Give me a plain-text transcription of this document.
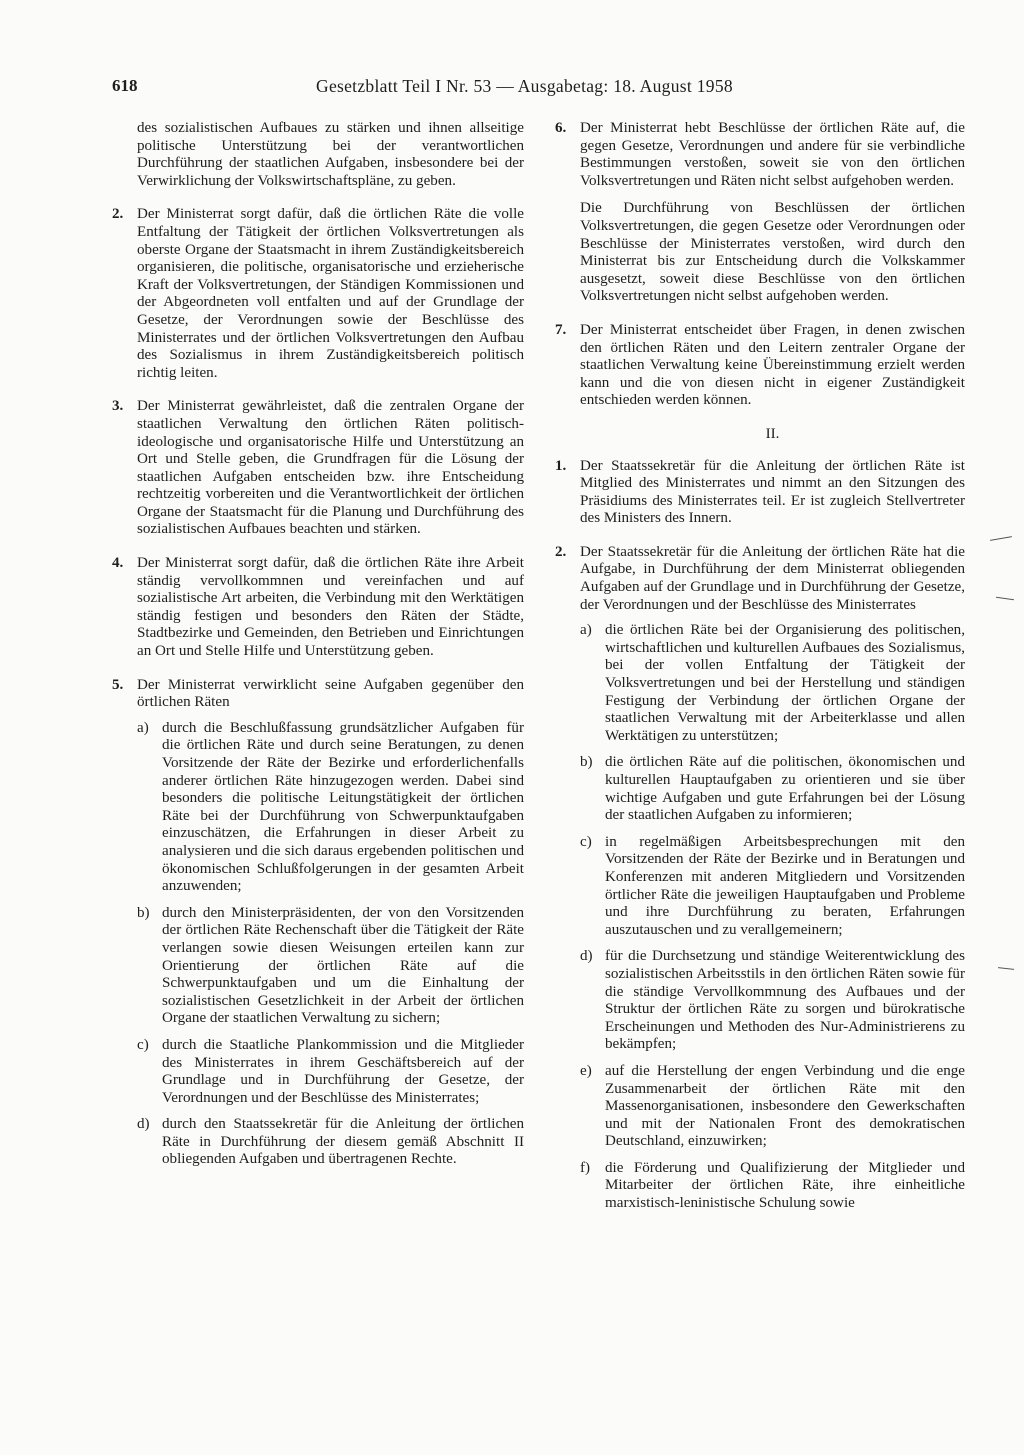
618	Gesetzblatt Teil I Nr. 53 — Ausgabetag: 18. August 1958

des sozialistischen Aufbaues zu stärken und ihnen allseitige politische Unterstützung bei der verantwortlichen Durchführung der staatlichen Aufgaben, insbesondere bei der Verwirklichung der Volkswirtschaftspläne, zu geben.

2. Der Ministerrat sorgt dafür, daß die örtlichen Räte die volle Entfaltung der Tätigkeit der örtlichen Volksvertretungen als oberste Organe der Staatsmacht in ihrem Zuständigkeitsbereich organisieren, die politische, organisatorische und erzieherische Kraft der Volksvertretungen, der Ständigen Kommissionen und der Abgeordneten voll entfalten und auf der Grundlage der Gesetze, der Verordnungen sowie der Beschlüsse des Ministerrates und der örtlichen Volksvertretungen den Aufbau des Sozialismus in ihrem Zuständigkeitsbereich politisch richtig leiten.
3. Der Ministerrat gewährleistet, daß die zentralen Organe der staatlichen Verwaltung den örtlichen Räten politisch-ideologische und organisatorische Hilfe und Unterstützung an Ort und Stelle geben, die Grundfragen für die Lösung der staatlichen Aufgaben entscheiden bzw. ihre Entscheidung rechtzeitig vorbereiten und die Verantwortlichkeit der örtlichen Organe der Staatsmacht für die Planung und Durchführung des sozialistischen Aufbaues beachten und stärken.
4. Der Ministerrat sorgt dafür, daß die örtlichen Räte ihre Arbeit ständig vervollkommnen und vereinfachen und auf sozialistische Art arbeiten, die Verbindung mit den Werktätigen ständig festigen und besonders den Räten der Städte, Stadtbezirke und Gemeinden, den Betrieben und Einrichtungen an Ort und Stelle Hilfe und Unterstützung geben.
5. Der Ministerrat verwirklicht seine Aufgaben gegenüber den örtlichen Räten
a) durch die Beschlußfassung grundsätzlicher Aufgaben für die örtlichen Räte und durch seine Beratungen, zu denen Vorsitzende der Räte der Bezirke und erforderlichenfalls anderer örtlichen Räte hinzugezogen werden. Dabei sind besonders die politische Leitungstätigkeit der örtlichen Räte bei der Durchführung von Schwerpunktaufgaben einzuschätzen, die Erfahrungen in dieser Arbeit zu analysieren und die sich daraus ergebenden politischen und ökonomischen Schlußfolgerungen in der gesamten Arbeit anzuwenden;
b) durch den Ministerpräsidenten, der von den Vorsitzenden der örtlichen Räte Rechenschaft über die Tätigkeit der Räte verlangen sowie diesen Weisungen erteilen kann zur Orientierung der örtlichen Räte auf die Schwerpunktaufgaben und um die Einhaltung der sozialistischen Gesetzlichkeit in der Arbeit der örtlichen Organe der staatlichen Verwaltung zu sichern;
c) durch die Staatliche Plankommission und die Mitglieder des Ministerrates in ihrem Geschäftsbereich auf der Grundlage und in Durchführung der Gesetze, der Verordnungen und der Beschlüsse des Ministerrates;
d) durch den Staatssekretär für die Anleitung der örtlichen Räte in Durchführung der diesem gemäß Abschnitt II obliegenden Aufgaben und übertragenen Rechte.
6. Der Ministerrat hebt Beschlüsse der örtlichen Räte auf, die gegen Gesetze, Verordnungen und andere für sie verbindliche Bestimmungen verstoßen, soweit sie von den örtlichen Volksvertretungen und Räten nicht selbst aufgehoben werden.

Die Durchführung von Beschlüssen der örtlichen Volksvertretungen, die gegen Gesetze oder Verordnungen oder Beschlüsse der Ministerrates verstoßen, wird durch den Ministerrat bis zur Entscheidung durch die Volkskammer ausgesetzt, soweit diese Beschlüsse von den örtlichen Volksvertretungen nicht selbst aufgehoben werden.

7. Der Ministerrat entscheidet über Fragen, in denen zwischen den örtlichen Räten und den Leitern zentraler Organe der staatlichen Verwaltung keine Übereinstimmung erzielt werden kann und die von diesen nicht in eigener Zuständigkeit entschieden werden können.
II.
1. Der Staatssekretär für die Anleitung der örtlichen Räte ist Mitglied des Ministerrates und nimmt an den Sitzungen des Präsidiums des Ministerrates teil. Er ist zugleich Stellvertreter des Ministers des Innern.
2. Der Staatssekretär für die Anleitung der örtlichen Räte hat die Aufgabe, in Durchführung der dem Ministerrat obliegenden Aufgaben auf der Grundlage und in Durchführung der Gesetze, der Verordnungen und der Beschlüsse des Ministerrates
a) die örtlichen Räte bei der Organisierung des politischen, wirtschaftlichen und kulturellen Aufbaues des Sozialismus, bei der vollen Entfaltung der Tätigkeit der Volksvertretungen und bei der Herstellung und ständigen Festigung der Verbindung der örtlichen Organe der staatlichen Verwaltung mit der Arbeiterklasse und allen Werktätigen zu unterstützen;
b) die örtlichen Räte auf die politischen, ökonomischen und kulturellen Hauptaufgaben zu orientieren und sie über wichtige Aufgaben und gute Erfahrungen bei der Lösung der staatlichen Aufgaben zu informieren;
c) in regelmäßigen Arbeitsbesprechungen mit den Vorsitzenden der Räte der Bezirke und in Beratungen und Konferenzen mit anderen Mitgliedern und Vorsitzenden örtlicher Räte die jeweiligen Hauptaufgaben und Probleme und ihre Durchführung zu beraten, Erfahrungen auszutauschen und zu verallgemeinern;
d) für die Durchsetzung und ständige Weiterentwicklung des sozialistischen Arbeitsstils in den örtlichen Räten sowie für die ständige Vervollkommnung des Aufbaues und der Struktur der örtlichen Räte zu sorgen und bürokratische Erscheinungen und Methoden des Nur-Administrierens zu bekämpfen;
e) auf die Herstellung der engen Verbindung und die enge Zusammenarbeit der örtlichen Räte mit den Massenorganisationen, insbesondere den Gewerkschaften und mit der Nationalen Front des demokratischen Deutschland, einzuwirken;
f) die Förderung und Qualifizierung der Mitglieder und Mitarbeiter der örtlichen Räte, ihre einheitliche marxistisch-leninistische Schulung sowie
